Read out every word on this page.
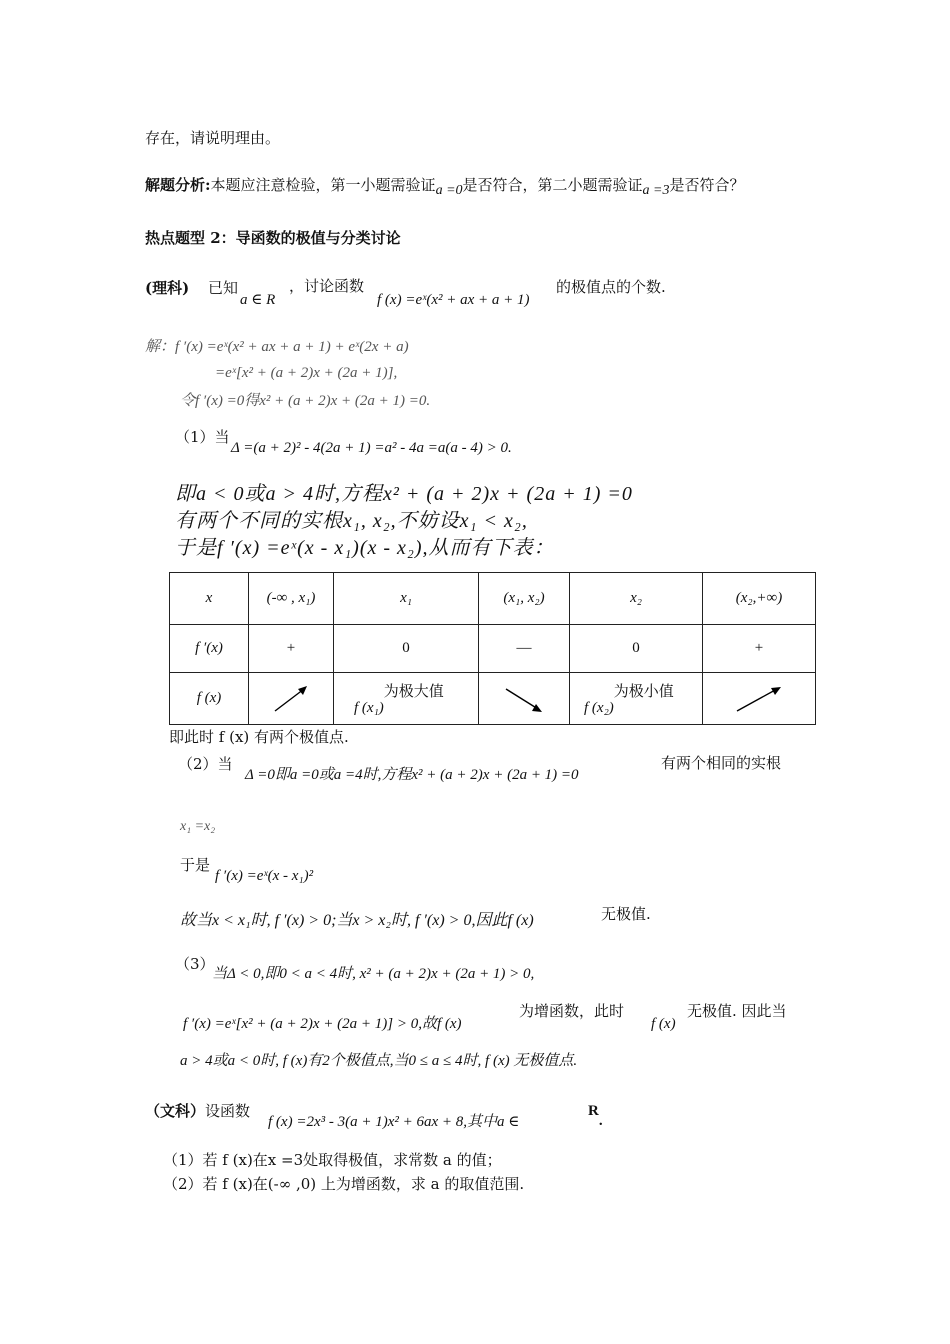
存在，请说明理由。
解题分析:本题应注意检验，第一小题需验证a =0是否符合，第二小题需验证a =3是否符合？
热点题型 2：导函数的极值与分类讨论
(理科) 已知
a ∈ R
，讨论函数
f (x) =eˣ(x² + ax + a + 1)
的极值点的个数.
解：f ′(x) =eˣ(x² + ax + a + 1) + eˣ(2x + a)
=eˣ[x² + (a + 2)x + (2a + 1)],
令f ′(x) =0得x² + (a + 2)x + (2a + 1) =0.
（1）当
Δ =(a + 2)² - 4(2a + 1) =a² - 4a =a(a - 4) > 0.
即a < 0或a > 4时,方程x² + (a + 2)x + (2a + 1) =0
有两个不同的实根x₁, x₂,不妨设x₁ < x₂,
于是f ′(x) =eˣ(x - x₁)(x - x₂),从而有下表：
x	(-∞ , x₁)	x₁	(x₁, x₂)	x₂	(x₂,+∞)
f ′(x)	+	0	—	0	+
f (x)		f (x₁)为极大值		f (x₂)为极小值	
即此时 f (x) 有两个极值点.
（2）当
Δ =0即a =0或a =4时,方程x² + (a + 2)x + (2a + 1) =0
有两个相同的实根
x₁ =x₂
于是
f ′(x) =eˣ(x - x₁)²
故当x < x₁时, f ′(x) > 0;当x > x₂时, f ′(x) > 0,因此f (x)	无极值.
（3）
当Δ < 0,即0 < a < 4时, x² + (a + 2)x + (2a + 1) > 0,
f ′(x) =eˣ[x² + (a + 2)x + (2a + 1)] > 0,故f (x)
为增函数，此时
f (x)
无极值. 因此当
a > 4或a < 0时, f (x)有2个极值点,当0 ≤ a ≤ 4时, f (x) 无极值点.
（文科）设函数
f (x) =2x³ - 3(a + 1)x² + 6ax + 8,其中a ∈
R.
（1）若 f (x)在x =3处取得极值，求常数 a 的值；
（2）若 f (x)在(-∞ ,0) 上为增函数，求 a 的取值范围.
